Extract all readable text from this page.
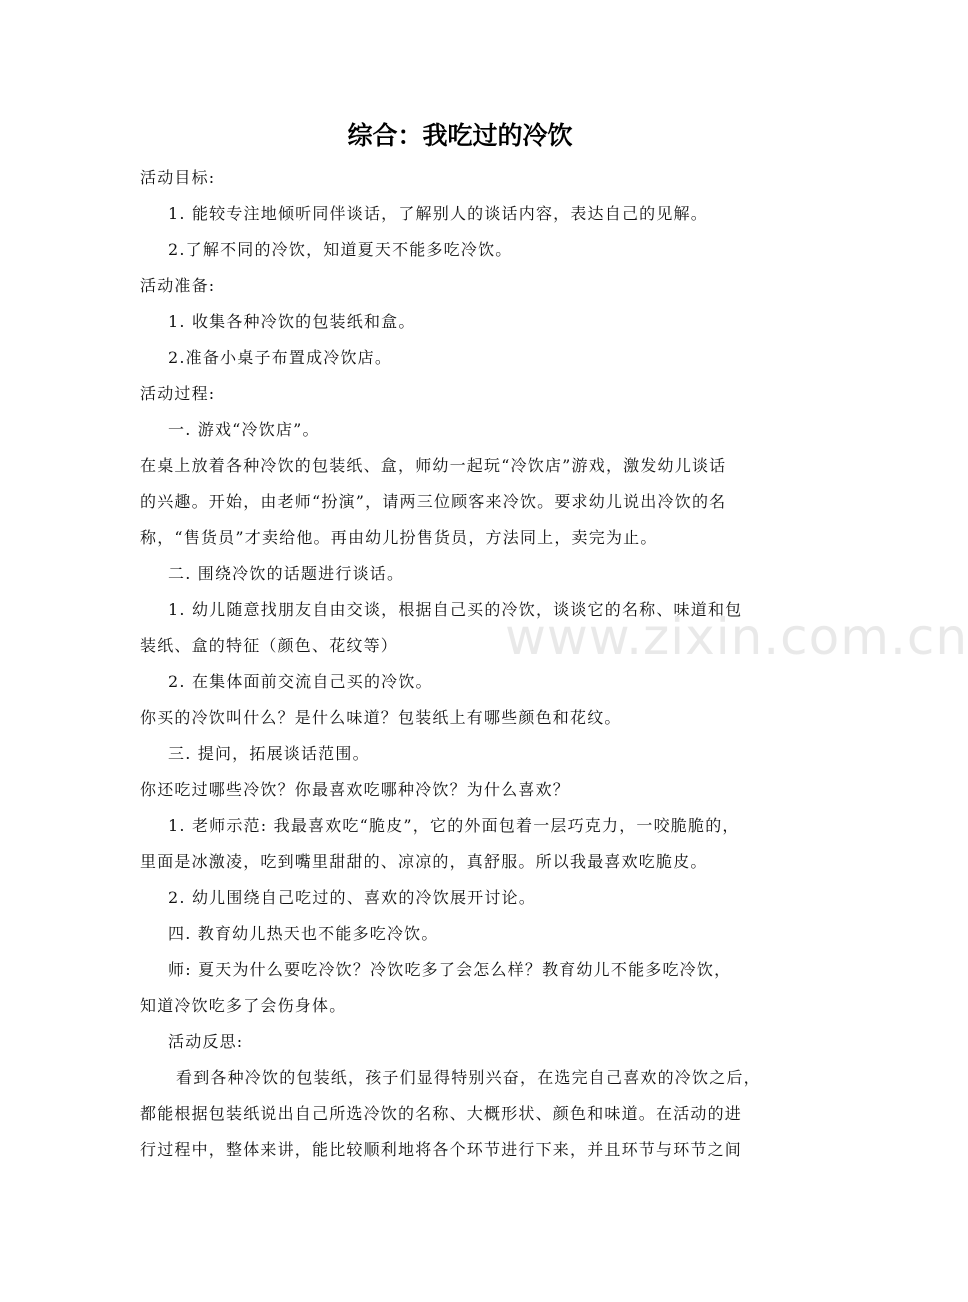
www.zixin.com.cn
综合：我吃过的冷饮
活动目标:
1. 能较专注地倾听同伴谈话，了解别人的谈话内容，表达自己的见解。
2.了解不同的冷饮，知道夏天不能多吃冷饮。
活动准备:
1. 收集各种冷饮的包装纸和盒。
2.准备小桌子布置成冷饮店。
活动过程:
一. 游戏“冷饮店”。
在桌上放着各种冷饮的包装纸、盒，师幼一起玩“冷饮店”游戏，激发幼儿谈话
的兴趣。开始，由老师“扮演”，请两三位顾客来冷饮。要求幼儿说出冷饮的名
称，“售货员”才卖给他。再由幼儿扮售货员，方法同上，卖完为止。
二. 围绕冷饮的话题进行谈话。
1. 幼儿随意找朋友自由交谈，根据自己买的冷饮，谈谈它的名称、味道和包
装纸、盒的特征（颜色、花纹等）
2. 在集体面前交流自己买的冷饮。
你买的冷饮叫什么？是什么味道？包装纸上有哪些颜色和花纹。
三. 提问，拓展谈话范围。
你还吃过哪些冷饮？你最喜欢吃哪种冷饮？为什么喜欢？
1. 老师示范: 我最喜欢吃“脆皮”，它的外面包着一层巧克力，一咬脆脆的，
里面是冰激凌，吃到嘴里甜甜的、凉凉的，真舒服。所以我最喜欢吃脆皮。
2. 幼儿围绕自己吃过的、喜欢的冷饮展开讨论。
四. 教育幼儿热天也不能多吃冷饮。
师: 夏天为什么要吃冷饮？冷饮吃多了会怎么样？教育幼儿不能多吃冷饮，
知道冷饮吃多了会伤身体。
活动反思:
看到各种冷饮的包装纸，孩子们显得特别兴奋，在选完自己喜欢的冷饮之后，
都能根据包装纸说出自己所选冷饮的名称、大概形状、颜色和味道。在活动的进
行过程中，整体来讲，能比较顺利地将各个环节进行下来，并且环节与环节之间
